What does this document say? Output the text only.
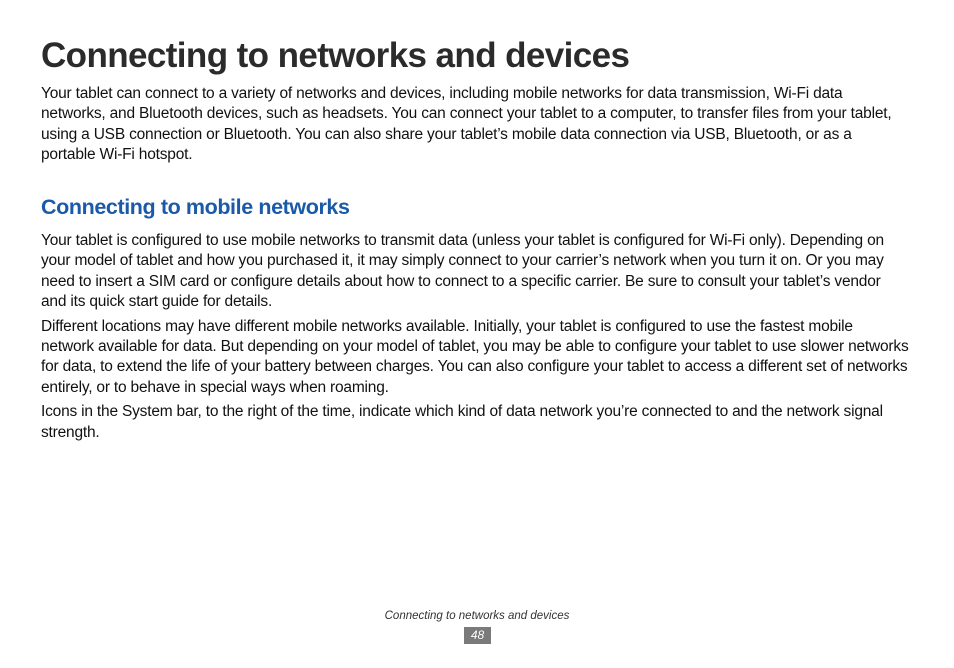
Connecting to networks and devices

Your tablet can connect to a variety of networks and devices, including mobile networks for data transmission, Wi-Fi data networks, and Bluetooth devices, such as headsets. You can connect your tablet to a computer, to transfer files from your tablet, using a USB connection or Bluetooth. You can also share your tablet’s mobile data connection via USB, Bluetooth, or as a portable Wi-Fi hotspot.

Connecting to mobile networks

Your tablet is configured to use mobile networks to transmit data (unless your tablet is configured for Wi-Fi only). Depending on your model of tablet and how you purchased it, it may simply connect to your carrier’s network when you turn it on. Or you may need to insert a SIM card or configure details about how to connect to a specific carrier. Be sure to consult your tablet’s vendor and its quick start guide for details.

Different locations may have different mobile networks available. Initially, your tablet is configured to use the fastest mobile network available for data. But depending on your model of tablet, you may be able to configure your tablet to use slower networks for data, to extend the life of your battery between charges. You can also configure your tablet to access a different set of networks entirely, or to behave in special ways when roaming.

Icons in the System bar, to the right of the time, indicate which kind of data network you’re connected to and the network signal strength.

Connecting to networks and devices
48
